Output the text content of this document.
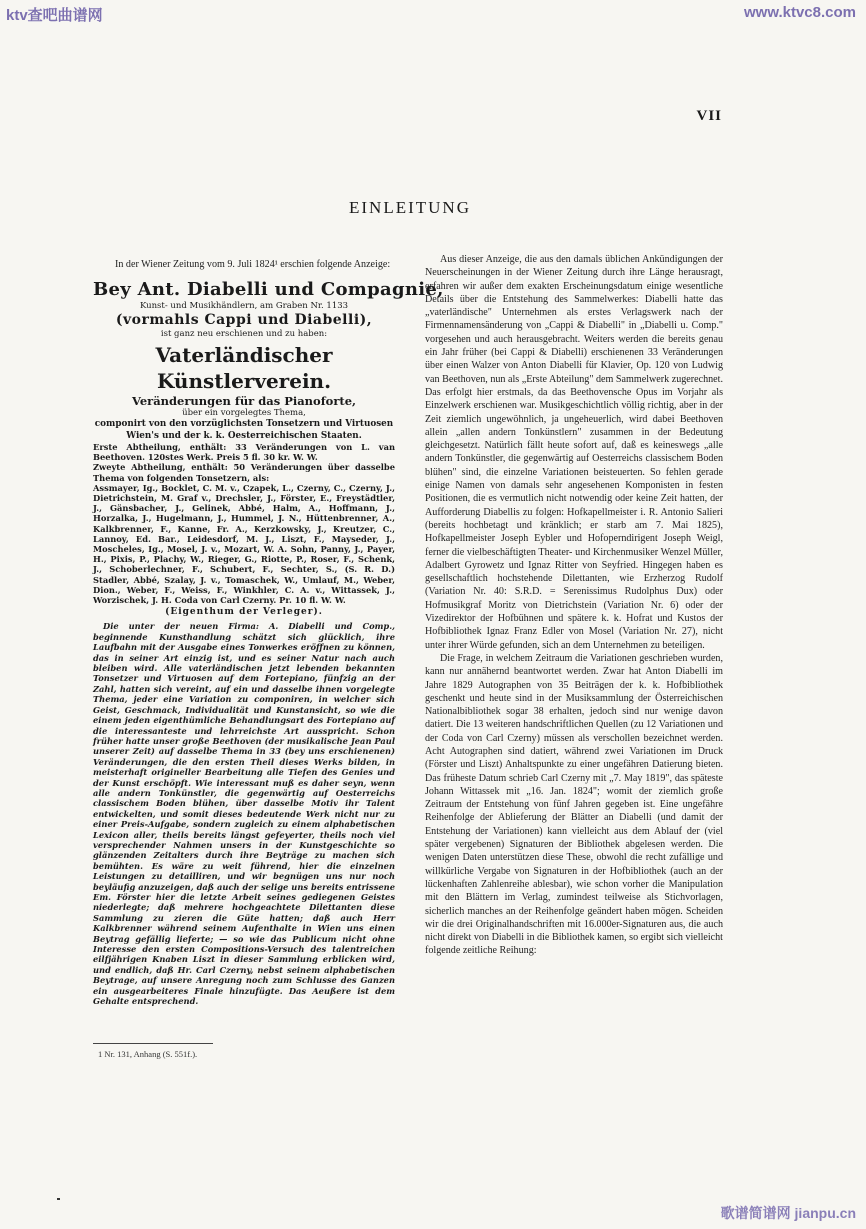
ktv查吧曲谱网	www.ktvc8.com
VII
EINLEITUNG

In der Wiener Zeitung vom 9. Juli 1824¹ erschien folgende Anzeige:

Bey Ant. Diabelli und Compagnie,
Kunst- und Musikhändlern, am Graben Nr. 1133
(vormahls Cappi und Diabelli),
ist ganz neu erschienen und zu haben:
Vaterländischer Künstlerverein.
Veränderungen für das Pianoforte,
über ein vorgelegtes Thema,
componirt von den vorzüglichsten Tonsetzern und Virtuosen Wien's und der k. k. Oesterreichischen Staaten.
Erste Abtheilung, enthält: 33 Veränderungen von L. van Beethoven. 120stes Werk. Preis 5 fl. 30 kr. W. W.
Zweyte Abtheilung, enthält: 50 Veränderungen über dasselbe Thema von folgenden Tonsetzern, als:
Assmayer, Ig., Bocklet, C. M. v., Czapek, L., Czerny, C., Czerny, J., Dietrichstein, M. Graf v., Drechsler, J., Förster, E., Freystädtler, J., Gänsbacher, J., Gelinek, Abbé, Halm, A., Hoffmann, J., Horzalka, J., Hugelmann, J., Hummel, J. N., Hüttenbrenner, A., Kalkbrenner, F., Kanne, Fr. A., Kerzkowsky, J., Kreutzer, C., Lannoy, Ed. Bar., Leidesdorf, M. J., Liszt, F., Mayseder, J., Moscheles, Ig., Mosel, J. v., Mozart, W. A. Sohn, Panny, J., Payer, H., Pixis, P., Plachy, W., Rieger, G., Riotte, P., Roser, F., Schenk, J., Schoberlechner, F., Schubert, F., Sechter, S., (S. R. D.) Stadler, Abbé, Szalay, J. v., Tomaschek, W., Umlauf, M., Weber, Dion., Weber, F., Weiss, F., Winkhler, C. A. v., Wittassek, J., Worzischek, J. H. Coda von Carl Czerny. Pr. 10 fl. W. W.
(Eigenthum der Verleger).
Die unter der neuen Firma: A. Diabelli und Comp., beginnende Kunsthandlung schätzt sich glücklich, ihre Laufbahn mit der Ausgabe eines Tonwerkes eröffnen zu können, das in seiner Art einzig ist, und es seiner Natur nach auch bleiben wird. Alle vaterländischen jetzt lebenden bekannten Tonsetzer und Virtuosen auf dem Fortepiano, fünfzig an der Zahl, hatten sich vereint, auf ein und dasselbe ihnen vorgelegte Thema, jeder eine Variation zu componiren, in welcher sich Geist, Geschmack, Individualität und Kunstansicht, so wie die einem jeden eigenthümliche Behandlungsart des Fortepiano auf die interessanteste und lehrreichste Art ausspricht. Schon früher hatte unser große Beethoven (der musikalische Jean Paul unserer Zeit) auf dasselbe Thema in 33 (bey uns erschienenen) Veränderungen, die den ersten Theil dieses Werks bilden, in meisterhaft origineller Bearbeitung alle Tiefen des Genies und der Kunst erschöpft. Wie interessant muß es daher seyn, wenn alle andern Tonkünstler, die gegenwärtig auf Oesterreichs classischem Boden blühen, über dasselbe Motiv ihr Talent entwickelten, und somit dieses bedeutende Werk nicht nur zu einer Preis-Aufgabe, sondern zugleich zu einem alphabetischen Lexicon aller, theils bereits längst gefeyerter, theils noch viel versprechender Nahmen unsers in der Kunstgeschichte so glänzenden Zeitalters durch ihre Beyträge zu machen sich bemühten. Es wäre zu weit führend, hier die einzelnen Leistungen zu detailliren, und wir begnügen uns nur noch beyläufig anzuzeigen, daß auch der selige uns bereits entrissene Em. Förster hier die letzte Arbeit seines gediegenen Geistes niederlegte; daß mehrere hochgeachtete Dilettanten diese Sammlung zu zieren die Güte hatten; daß auch Herr Kalkbrenner während seinem Aufenthalte in Wien uns einen Beytrag gefällig lieferte; — so wie das Publicum nicht ohne Interesse den ersten Compositions-Versuch des talentreichen eilfjährigen Knaben Liszt in dieser Sammlung erblicken wird, und endlich, daß Hr. Carl Czerny, nebst seinem alphabetischen Beytrage, auf unsere Anregung noch zum Schlusse des Ganzen ein ausgearbeiteres Finale hinzufügte. Das Aeußere ist dem Gehalte entsprechend.

Aus dieser Anzeige, die aus den damals üblichen Ankündigungen der Neuerscheinungen in der Wiener Zeitung durch ihre Länge herausragt, erfahren wir außer dem exakten Erscheinungsdatum einige wesentliche Details über die Entstehung des Sammelwerkes: Diabelli hatte das „vaterländische" Unternehmen als erstes Verlagswerk nach der Firmennamensänderung von „Cappi & Diabelli" in „Diabelli u. Comp." vorgesehen und auch herausgebracht. Weiters werden die bereits genau ein Jahr früher (bei Cappi & Diabelli) erschienenen 33 Veränderungen über einen Walzer von Anton Diabelli für Klavier, Op. 120 von Ludwig van Beethoven, nun als „Erste Abteilung" dem Sammelwerk zugerechnet. Das erfolgt hier erstmals, da das Beethovensche Opus im Vorjahr als Einzelwerk erschienen war. Musikgeschichtlich völlig richtig, aber in der Zeit ziemlich ungewöhnlich, ja ungeheuerlich, wird dabei Beethoven allein „allen andern Tonkünstlern" zusammen in der Bedeutung gleichgesetzt. Natürlich fällt heute sofort auf, daß es keineswegs „alle andern Tonkünstler, die gegenwärtig auf Oesterreichs classischem Boden blühen" sind, die einzelne Variationen beisteuerten. So fehlen gerade einige Namen von damals sehr angesehenen Komponisten in festen Positionen, die es vermutlich nicht notwendig oder keine Zeit hatten, der Aufforderung Diabellis zu folgen: Hofkapellmeister i. R. Antonio Salieri (bereits hochbetagt und kränklich; er starb am 7. Mai 1825), Hofkapellmeister Joseph Eybler und Hofoperndirigent Joseph Weigl, ferner die vielbeschäftigten Theater- und Kirchenmusiker Wenzel Müller, Adalbert Gyrowetz und Ignaz Ritter von Seyfried. Hingegen haben es gesellschaftlich hochstehende Dilettanten, wie Erzherzog Rudolf (Variation Nr. 40: S.R.D. = Serenissimus Rudolphus Dux) oder Hofmusikgraf Moritz von Dietrichstein (Variation Nr. 6) oder der Vizedirektor der Hofbühnen und spätere k. k. Hofrat und Kustos der Hofbibliothek Ignaz Franz Edler von Mosel (Variation Nr. 27), nicht unter ihrer Würde gefunden, sich an dem Unternehmen zu beteiligen.

Die Frage, in welchem Zeitraum die Variationen geschrieben wurden, kann nur annähernd beantwortet werden. Zwar hat Anton Diabelli im Jahre 1829 Autographen von 35 Beiträgen der k. k. Hofbibliothek geschenkt und heute sind in der Musiksammlung der Österreichischen Nationalbibliothek sogar 38 erhalten, jedoch sind nur wenige davon datiert. Die 13 weiteren handschriftlichen Quellen (zu 12 Variationen und der Coda von Carl Czerny) müssen als verschollen bezeichnet werden. Acht Autographen sind datiert, während zwei Variationen im Druck (Förster und Liszt) Anhaltspunkte zu einer ungefähren Datierung bieten. Das früheste Datum schrieb Carl Czerny mit „7. May 1819", das späteste Johann Wittassek mit „16. Jan. 1824"; womit der ziemlich große Zeitraum der Entstehung von fünf Jahren gegeben ist. Eine ungefähre Reihenfolge der Ablieferung der Blätter an Diabelli (und damit der Entstehung der Variationen) kann vielleicht aus dem Ablauf der (viel später vergebenen) Signaturen der Bibliothek abgelesen werden. Die wenigen Daten unterstützen diese These, obwohl die recht zufällige und willkürliche Vergabe von Signaturen in der Hofbibliothek (auch an der lückenhaften Zahlenreihe ablesbar), wie schon vorher die Manipulation mit den Blättern im Verlag, zumindest teilweise als Stichvorlagen, sicherlich manches an der Reihenfolge geändert haben mögen. Scheiden wir die drei Originalhandschriften mit 16.000er-Signaturen aus, die auch nicht direkt von Diabelli in die Bibliothek kamen, so ergibt sich vielleicht folgende zeitliche Reihung:

1 Nr. 131, Anhang (S. 551f.).
歌谱简谱网 jianpu.cn
